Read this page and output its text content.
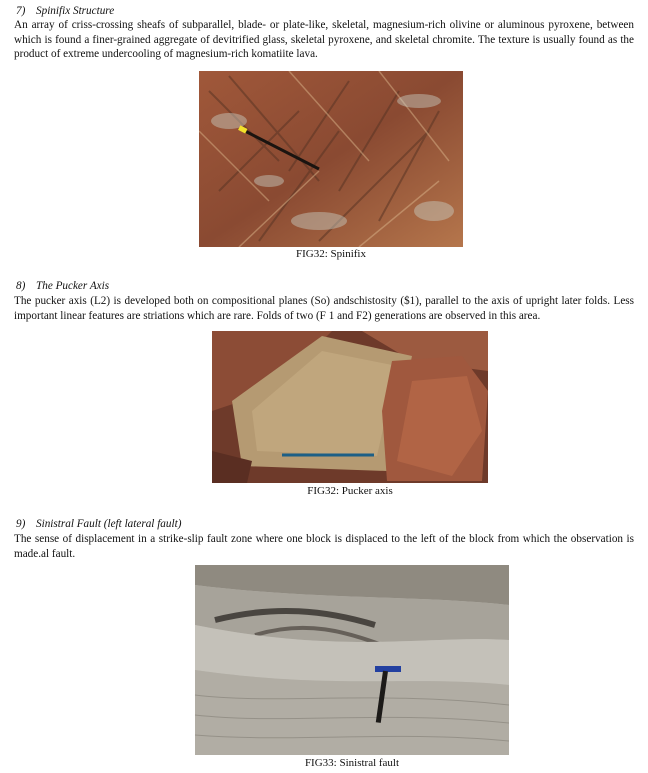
7) Spinifix Structure
An array of criss-crossing sheafs of subparallel, blade- or plate-like, skeletal, magnesium-rich olivine or aluminous pyroxene, between which is found a finer-grained aggregate of devitrified glass, skeletal pyroxene, and skeletal chromite. The texture is usually found as the product of extreme undercooling of magnesium-rich komatiite lava.
FIG32: Spinifix
8) The Pucker Axis
The pucker axis (L2) is developed both on compositional planes (So) andschistosity ($1), parallel to the axis of upright later folds. Less important linear features are striations which are rare. Folds of two (F 1 and F2) generations are observed in this area.
FIG32: Pucker axis
9) Sinistral Fault (left lateral fault)
The sense of displacement in a strike-slip fault zone where one block is displaced to the left of the block from which the observation is made.al fault.
FIG33: Sinistral fault
